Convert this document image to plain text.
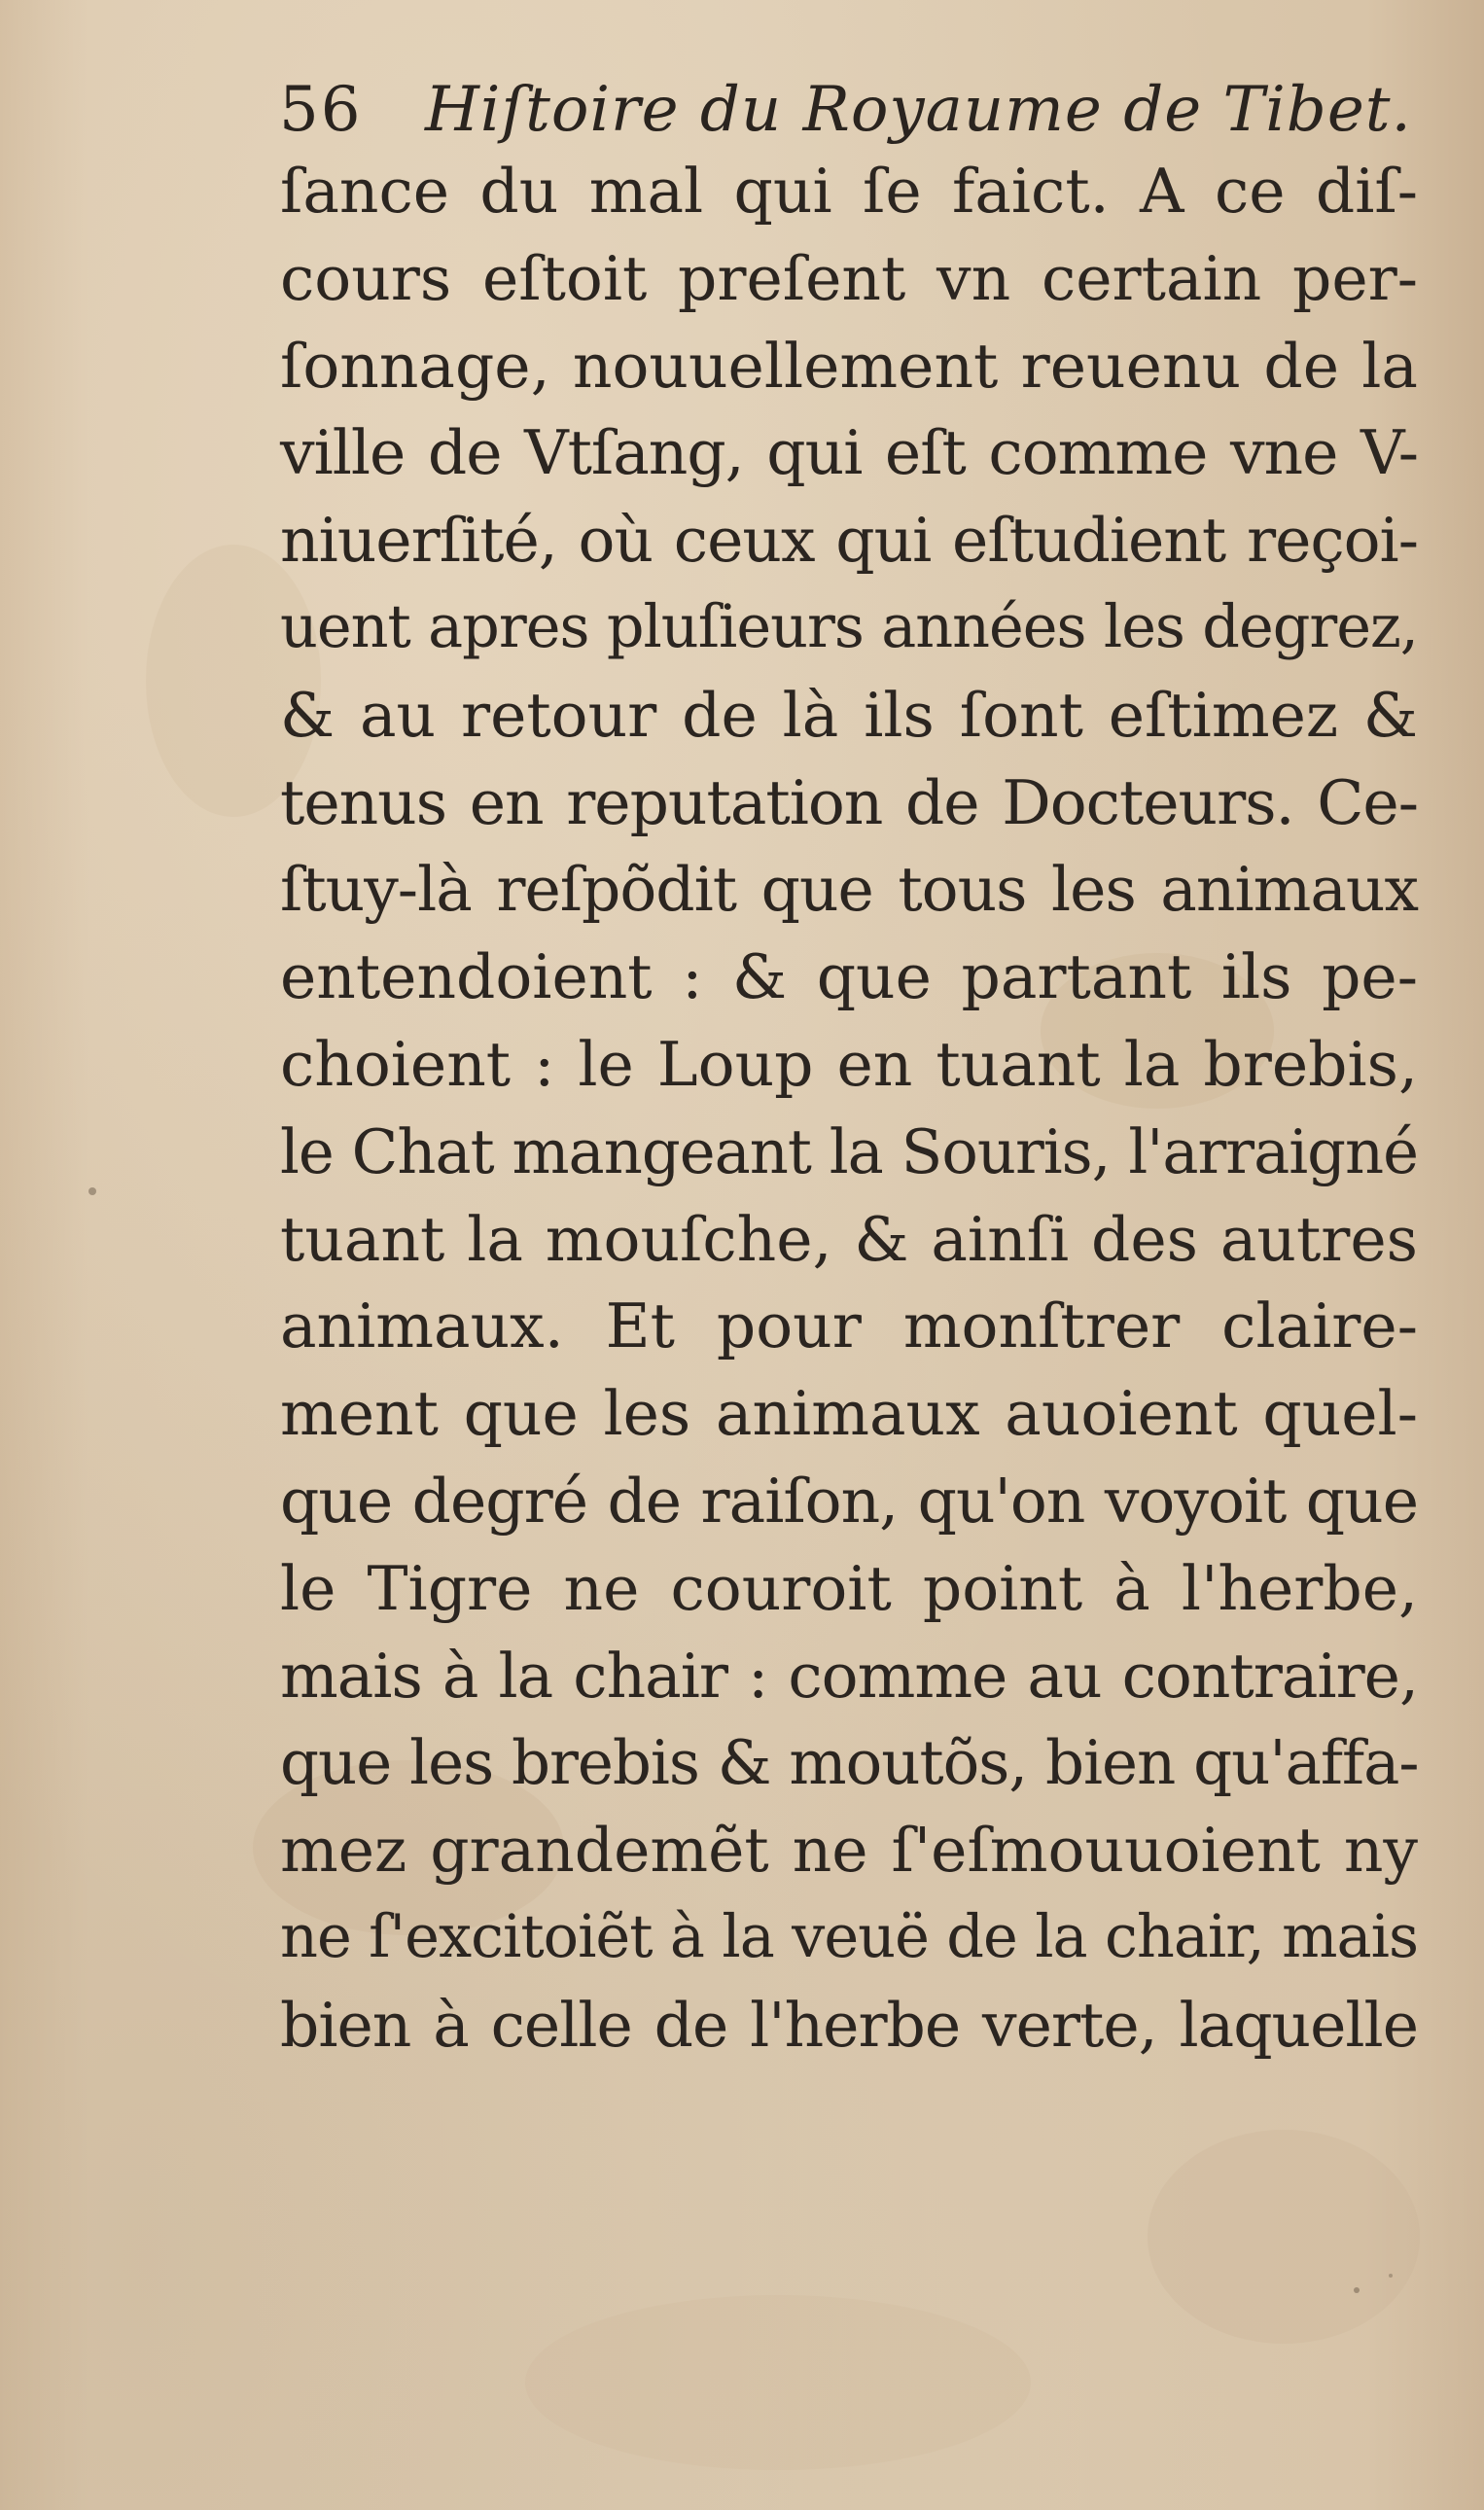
56 Hiſtoire du Royaume de Tibet.
ſance du mal qui ſe faict. A ce diſ-
cours eſtoit preſent vn certain per-
ſonnage, nouuellement reuenu de la
ville de Vtſang, qui eſt comme vne V-
niuerſité, où ceux qui eſtudient reçoi-
uent apres pluſieurs années les degrez,
& au retour de là ils ſont eſtimez &
tenus en reputation de Docteurs. Ce-
ſtuy-là reſpõdit que tous les animaux
entendoient : & que partant ils pe-
choient : le Loup en tuant la brebis,
le Chat mangeant la Souris, l'arraigné
tuant la mouſche, & ainſi des autres
animaux. Et pour monſtrer claire-
ment que les animaux auoient quel-
que degré de raiſon, qu'on voyoit que
le Tigre ne couroit point à l'herbe,
mais à la chair : comme au contraire,
que les brebis & moutõs, bien qu'affa-
mez grandemẽt ne ſ'eſmouuoient ny
ne ſ'excitoiẽt à la veuë de la chair, mais
bien à celle de l'herbe verte, laquelle
